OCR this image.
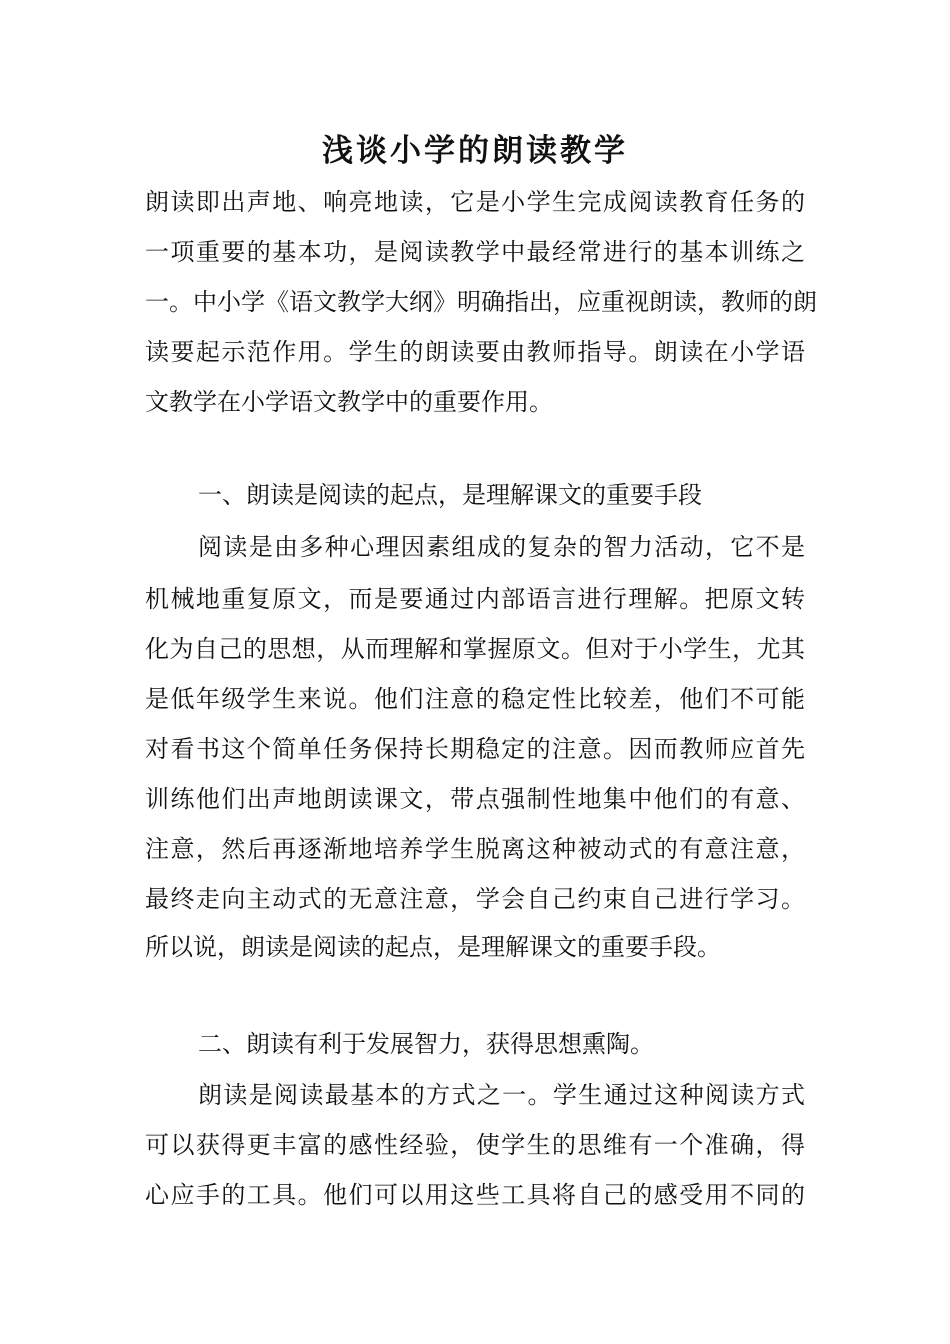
浅谈小学的朗读教学
朗读即出声地、响亮地读，它是小学生完成阅读教育任务的
一项重要的基本功，是阅读教学中最经常进行的基本训练之
一。中小学《语文教学大纲》明确指出，应重视朗读，教师的朗
读要起示范作用。学生的朗读要由教师指导。朗读在小学语
文教学在小学语文教学中的重要作用。
一、朗读是阅读的起点，是理解课文的重要手段
阅读是由多种心理因素组成的复杂的智力活动，它不是
机械地重复原文，而是要通过内部语言进行理解。把原文转
化为自己的思想，从而理解和掌握原文。但对于小学生，尤其
是低年级学生来说。他们注意的稳定性比较差，他们不可能
对看书这个简单任务保持长期稳定的注意。因而教师应首先
训练他们出声地朗读课文，带点强制性地集中他们的有意、
注意，然后再逐渐地培养学生脱离这种被动式的有意注意，
最终走向主动式的无意注意，学会自己约束自己进行学习。
所以说，朗读是阅读的起点，是理解课文的重要手段。
二、朗读有利于发展智力，获得思想熏陶。
朗读是阅读最基本的方式之一。学生通过这种阅读方式
可以获得更丰富的感性经验，使学生的思维有一个准确，得
心应手的工具。他们可以用这些工具将自己的感受用不同的
